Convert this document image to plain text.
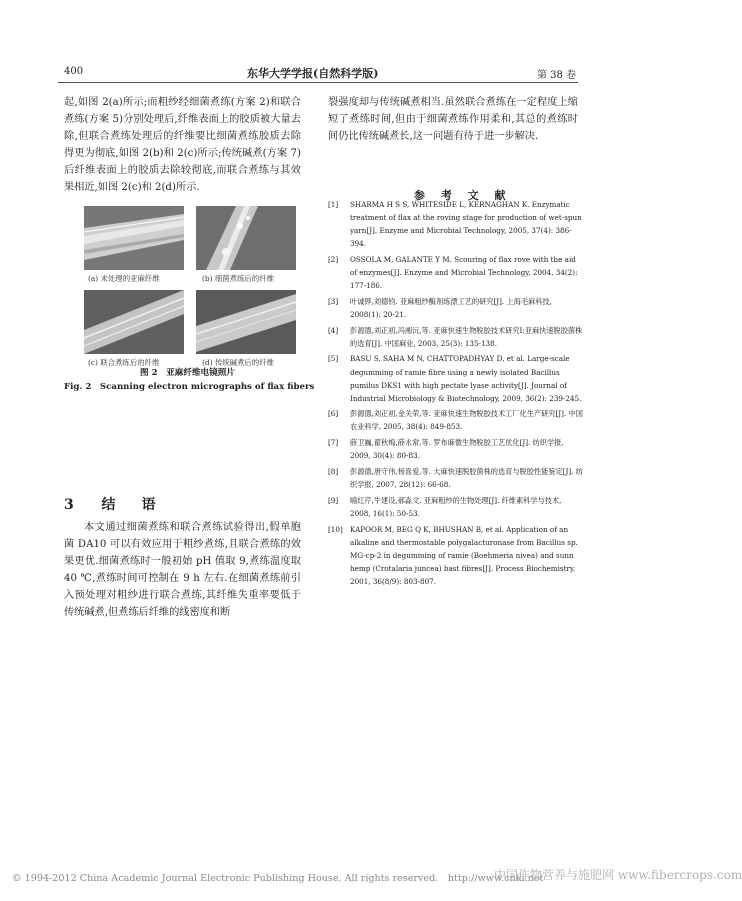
400	东华大学学报(自然科学版)	第 38 卷

起,如图 2(a)所示;而粗纱经细菌煮练(方案 2)和联合煮练(方案 5)分别处理后,纤维表面上的胶质被大量去除,但联合煮练处理后的纤维要比细菌煮练胶质去除得更为彻底,如图 2(b)和 2(c)所示;传统碱煮(方案 7)后纤维表面上的胶质去除较彻底,而联合煮练与其效果相近,如图 2(c)和 2(d)所示.

(a) 未处理的亚麻纤维	(b) 细菌煮练后的纤维
(c) 联合煮练后的纤维	(d) 传统碱煮后的纤维
图 2　亚麻纤维电镜照片
Fig. 2　Scanning electron micrographs of flax fibers
3 结　语

本文通过细菌煮练和联合煮练试验得出,假单胞菌 DA10 可以有效应用于粗纱煮练,且联合煮练的效果更优.细菌煮练时一般初始 pH 值取 9,煮练温度取 40 ℃,煮练时间可控制在 9 h 左右.在细菌煮练前引入预处理对粗纱进行联合煮练,其纤维失重率要低于传统碱煮,但煮练后纤维的线密度和断

裂强度却与传统碱煮相当.虽然联合煮练在一定程度上缩短了煮练时间,但由于细菌煮练作用柔和,其总的煮练时间仍比传统碱煮长,这一问题有待于进一步解决.

参 考 文 献
[1] SHARMA H S S, WHITESIDE L, KERNAGHAN K. Enzymatic treatment of flax at the roving stage for production of wet-spun yarn[J]. Enzyme and Microbial Technology, 2005, 37(4): 386-394.
[2] OSSOLA M, GALANTE Y M. Scouring of flax rove with the aid of enzymes[J]. Enzyme and Microbial Technology, 2004, 34(2): 177-186.
[3] 叶诚铧,刘德钧. 亚麻粗纱酶剂练漂工艺的研究[J]. 上海毛麻科技, 2008(1): 20-21.
[4] 彭源德,刘正初,冯湘沅,等. 亚麻快速生物脱胶技术研究Ⅰ:亚麻快速脱胶菌株的选育[J]. 中国麻业, 2003, 25(3): 135-138.
[5] BASU S, SAHA M N, CHATTOPADHYAY D, et al. Large-scale degumming of ramie fibre using a newly isolated Bacillus pumilus DKS1 with high pectate lyase activity[J]. Journal of Industrial Microbiology & Biotechnology, 2009, 36(2): 239-245.
[6] 彭源德,刘正初,金关荣,等. 亚麻快速生物脱胶技术工厂化生产研究[J]. 中国农业科学, 2005, 38(4): 849-853.
[7] 薛卫巍,翟秋梅,薛永常,等. 罗布麻微生物脱胶工艺优化[J]. 纺织学报, 2009, 30(4): 80-83.
[8] 彭源德,唐守伟,杨喜爱,等. 大麻快速脱胶菌株的选育与脱胶性能鉴定[J]. 纺织学报, 2007, 28(12): 66-68.
[9] 喻红芹,牛建设,郝淼文. 亚麻粗纱的生物处理[J]. 纤维素科学与技术, 2008, 16(1): 50-53.
[10] KAPOOR M, BEG Q K, BHUSHAN B, et al. Application of an alkaline and thermostable polygalacturonase from Bacillus sp. MG-cp-2 in degumming of ramie (Boehmeria nivea) and sunn hemp (Crotalaria juncea) bast fibres[J]. Process Biochemistry, 2001, 36(8/9): 803-807.
© 1994-2012 China Academic Journal Electronic Publishing House. All rights reserved.　http://www.cnki.net
中国作物营养与施肥网 www.fibercrops.com
